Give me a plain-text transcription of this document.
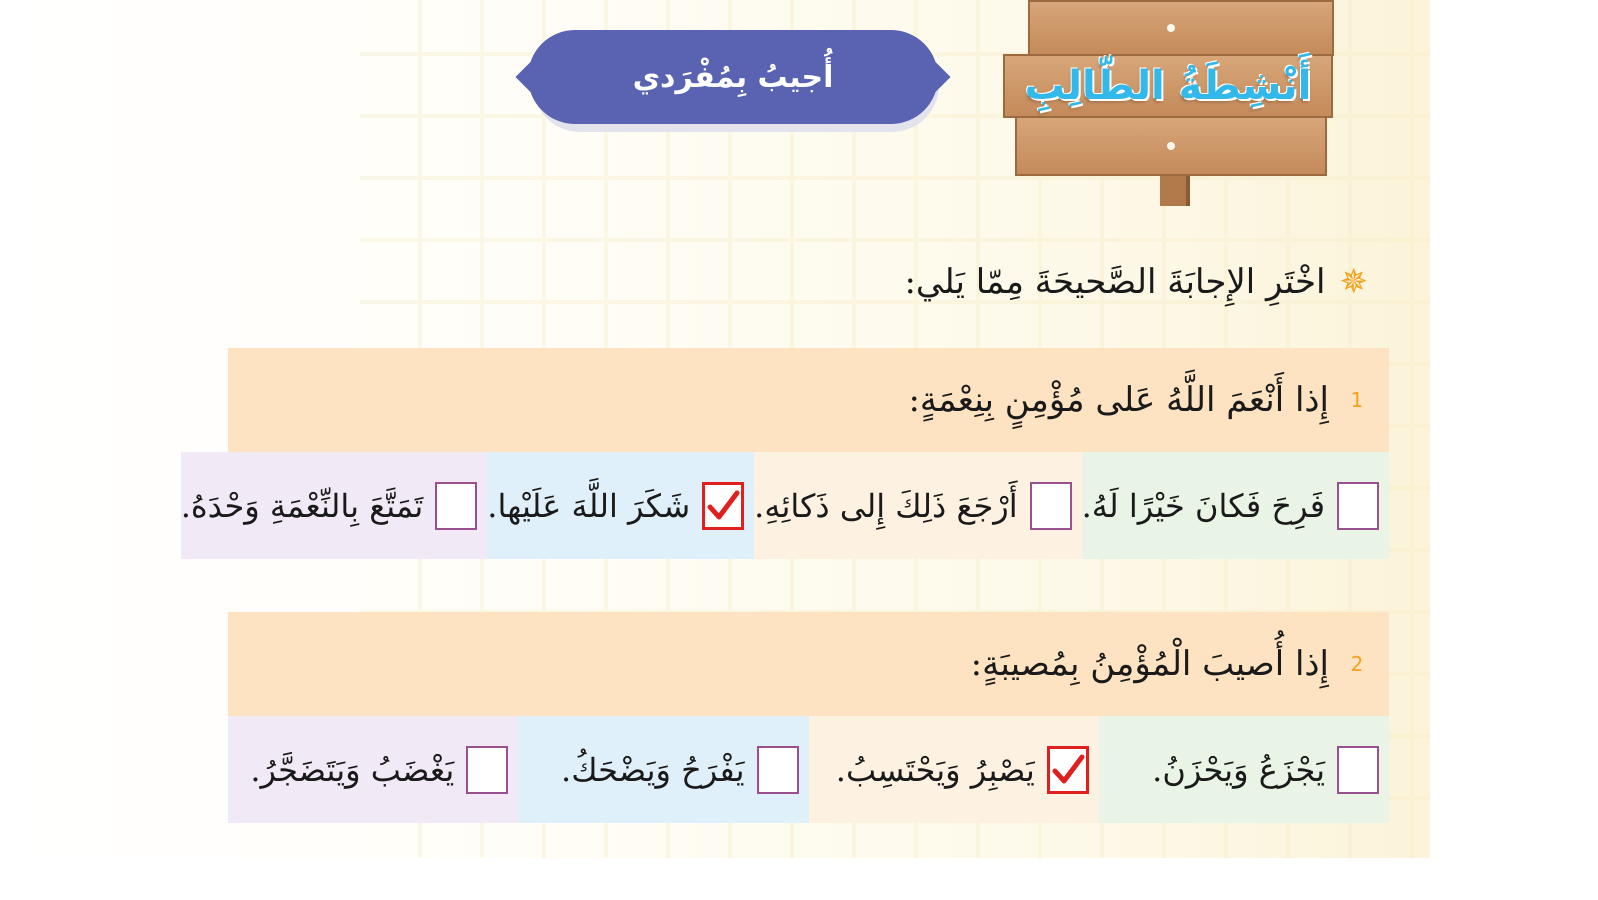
أَنْشِطَةُ الطّالِبِ
أُجيبُ بِمُفْرَدي
✵
اخْتَرِ الإِجابَةَ الصَّحيحَةَ مِمّا يَلي:
1
إِذا أَنْعَمَ اللَّهُ عَلى مُؤْمِنٍ بِنِعْمَةٍ:
فَرِحَ فَكانَ خَيْرًا لَهُ.
أَرْجَعَ ذَلِكَ إِلى ذَكائِهِ.
شَكَرَ اللَّهَ عَلَيْها.
تَمَتَّعَ بِالنِّعْمَةِ وَحْدَهُ.
2
إِذا أُصيبَ الْمُؤْمِنُ بِمُصيبَةٍ:
يَجْزَعُ وَيَحْزَنُ.
يَصْبِرُ وَيَحْتَسِبُ.
يَفْرَحُ وَيَضْحَكُ.
يَغْضَبُ وَيَتَضَجَّرُ.
